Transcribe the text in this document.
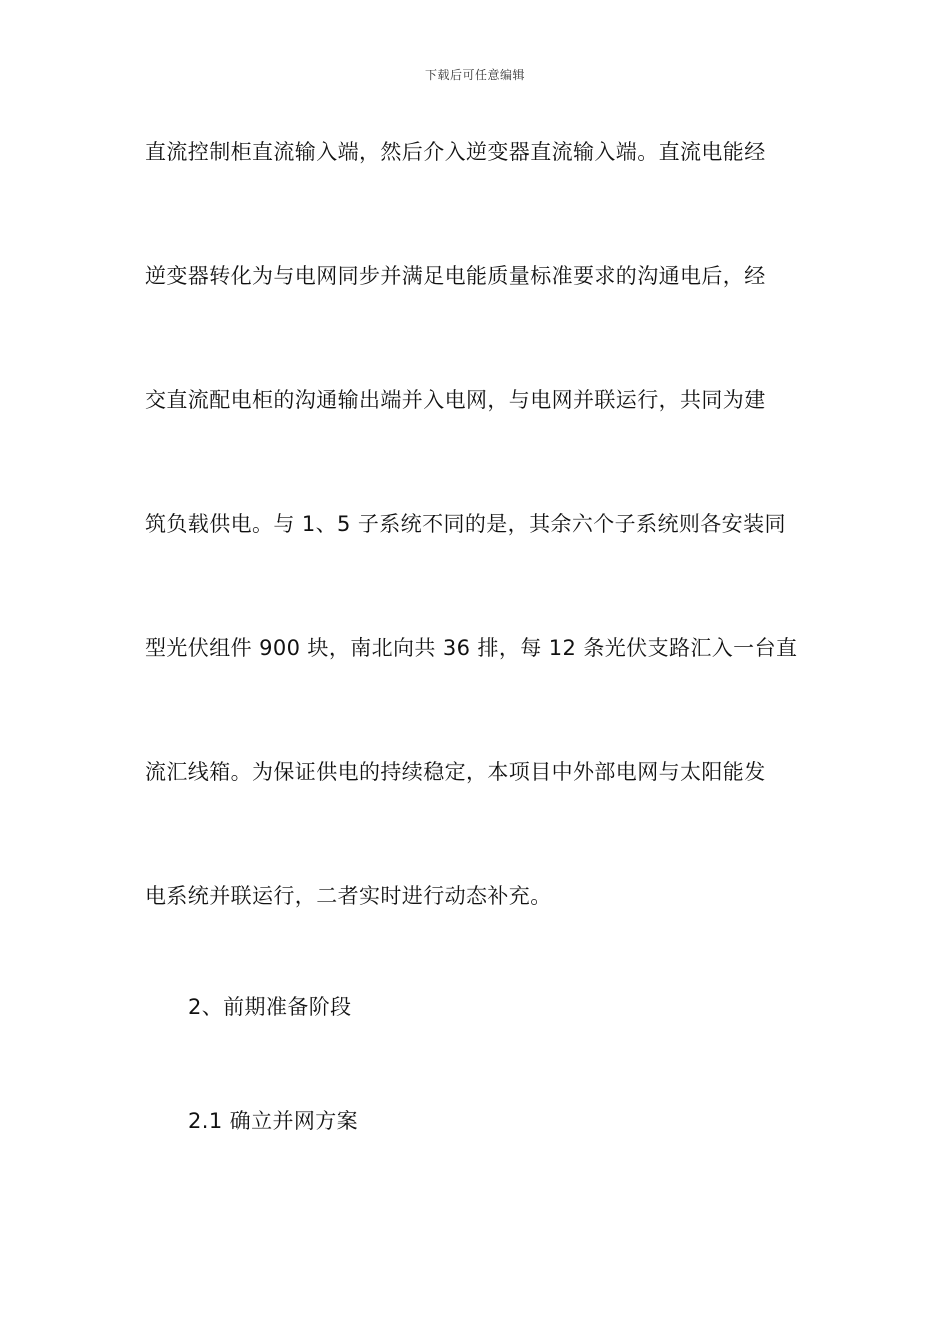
下载后可任意编辑
直流控制柜直流输入端，然后介入逆变器直流输入端。直流电能经
逆变器转化为与电网同步并满足电能质量标准要求的沟通电后，经
交直流配电柜的沟通输出端并入电网，与电网并联运行，共同为建
筑负载供电。与 1、5 子系统不同的是，其余六个子系统则各安装同
型光伏组件 900 块，南北向共 36 排，每 12 条光伏支路汇入一台直
流汇线箱。为保证供电的持续稳定，本项目中外部电网与太阳能发
电系统并联运行，二者实时进行动态补充。
2、前期准备阶段
2.1 确立并网方案
